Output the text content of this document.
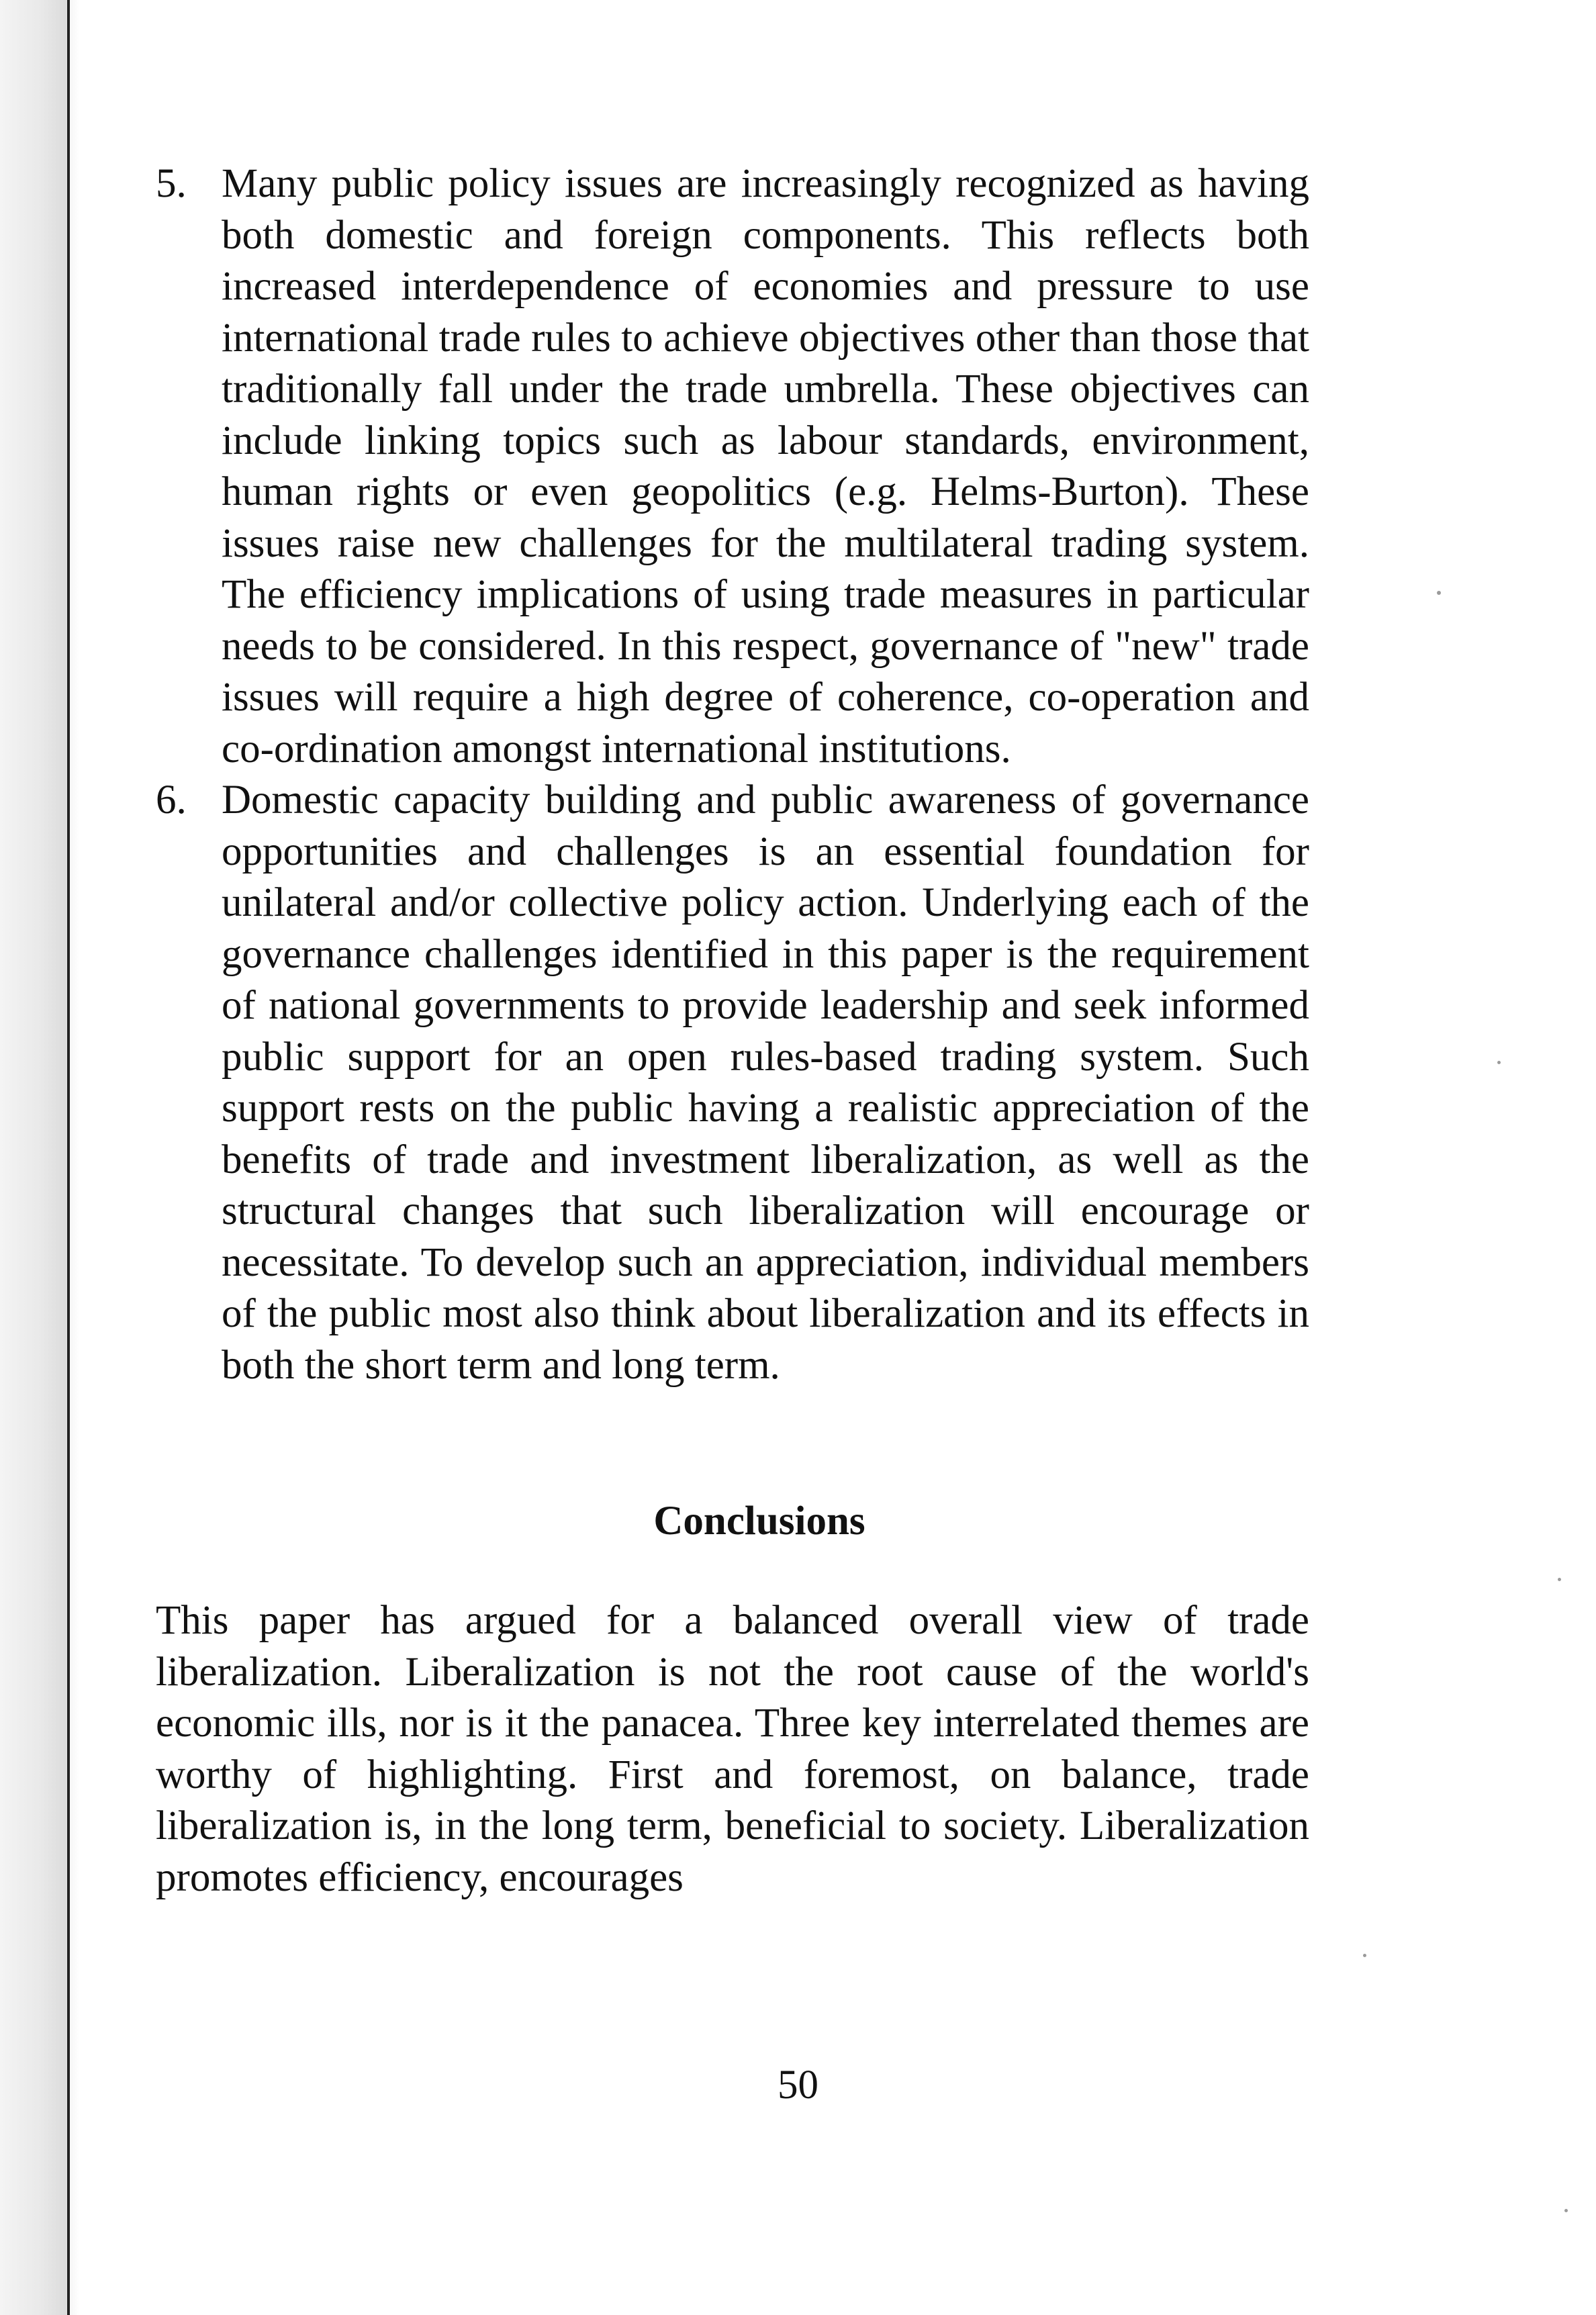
5. Many public policy issues are increasingly recognized as having both domestic and foreign components. This reflects both increased interdependence of economies and pressure to use international trade rules to achieve objectives other than those that traditionally fall under the trade umbrella. These objectives can include linking topics such as labour standards, environment, human rights or even geopolitics (e.g. Helms-Burton). These issues raise new challenges for the multilateral trading system. The efficiency implications of using trade measures in particular needs to be considered. In this respect, governance of "new" trade issues will require a high degree of coherence, co-operation and co-ordination amongst international institutions.

6. Domestic capacity building and public awareness of governance opportunities and challenges is an essential foundation for unilateral and/or collective policy action. Underlying each of the governance challenges identified in this paper is the requirement of national governments to provide leadership and seek informed public support for an open rules-based trading system. Such support rests on the public having a realistic appreciation of the benefits of trade and investment liberalization, as well as the structural changes that such liberalization will encourage or necessitate. To develop such an appreciation, individual members of the public most also think about liberalization and its effects in both the short term and long term.

Conclusions

This paper has argued for a balanced overall view of trade liberalization. Liberalization is not the root cause of the world's economic ills, nor is it the panacea. Three key interrelated themes are worthy of highlighting. First and foremost, on balance, trade liberalization is, in the long term, beneficial to society. Liberalization promotes efficiency, encourages

50
